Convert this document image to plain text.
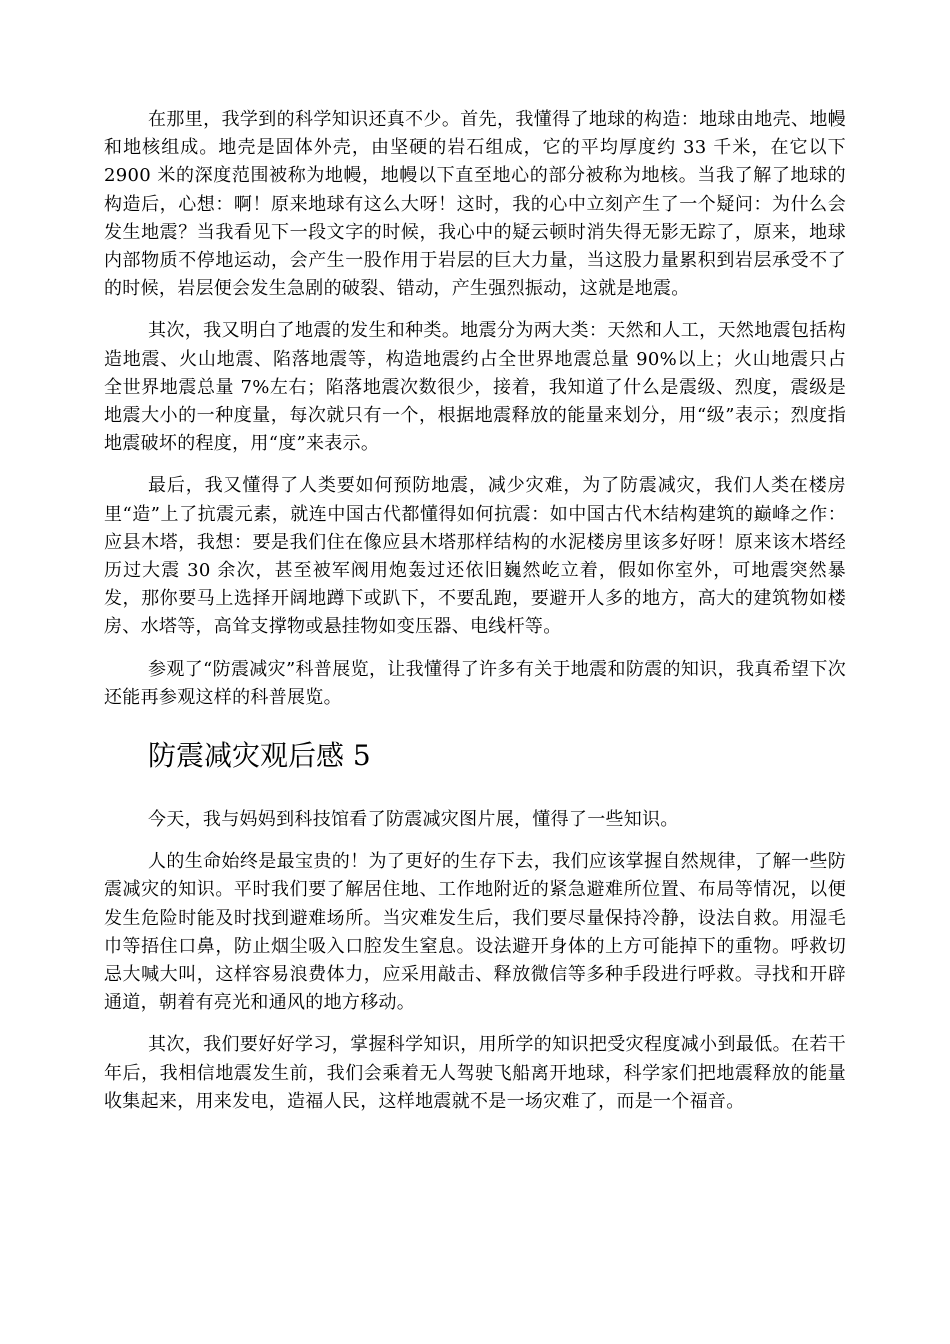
在那里，我学到的科学知识还真不少。首先，我懂得了地球的构造：地球由地壳、地幔和地核组成。地壳是固体外壳，由坚硬的岩石组成，它的平均厚度约 33 千米，在它以下 2900 米的深度范围被称为地幔，地幔以下直至地心的部分被称为地核。当我了解了地球的构造后，心想：啊！原来地球有这么大呀！这时，我的心中立刻产生了一个疑问：为什么会发生地震？当我看见下一段文字的时候，我心中的疑云顿时消失得无影无踪了，原来，地球内部物质不停地运动，会产生一股作用于岩层的巨大力量，当这股力量累积到岩层承受不了的时候，岩层便会发生急剧的破裂、错动，产生强烈振动，这就是地震。

其次，我又明白了地震的发生和种类。地震分为两大类：天然和人工，天然地震包括构造地震、火山地震、陷落地震等，构造地震约占全世界地震总量 90%以上；火山地震只占全世界地震总量 7%左右；陷落地震次数很少，接着，我知道了什么是震级、烈度，震级是地震大小的一种度量，每次就只有一个，根据地震释放的能量来划分，用“级”表示；烈度指地震破坏的程度，用“度”来表示。

最后，我又懂得了人类要如何预防地震，减少灾难，为了防震减灾，我们人类在楼房里“造”上了抗震元素，就连中国古代都懂得如何抗震：如中国古代木结构建筑的巅峰之作：应县木塔，我想：要是我们住在像应县木塔那样结构的水泥楼房里该多好呀！原来该木塔经历过大震 30 余次，甚至被军阀用炮轰过还依旧巍然屹立着，假如你室外，可地震突然暴发，那你要马上选择开阔地蹲下或趴下，不要乱跑，要避开人多的地方，高大的建筑物如楼房、水塔等，高耸支撑物或悬挂物如变压器、电线杆等。

参观了“防震减灾”科普展览，让我懂得了许多有关于地震和防震的知识，我真希望下次还能再参观这样的科普展览。

防震减灾观后感 5

今天，我与妈妈到科技馆看了防震减灾图片展，懂得了一些知识。

人的生命始终是最宝贵的！为了更好的生存下去，我们应该掌握自然规律，了解一些防震减灾的知识。平时我们要了解居住地、工作地附近的紧急避难所位置、布局等情况，以便发生危险时能及时找到避难场所。当灾难发生后，我们要尽量保持冷静，设法自救。用湿毛巾等捂住口鼻，防止烟尘吸入口腔发生窒息。设法避开身体的上方可能掉下的重物。呼救切忌大喊大叫，这样容易浪费体力，应采用敲击、释放微信等多种手段进行呼救。寻找和开辟通道，朝着有亮光和通风的地方移动。

其次，我们要好好学习，掌握科学知识，用所学的知识把受灾程度减小到最低。在若干年后，我相信地震发生前，我们会乘着无人驾驶飞船离开地球，科学家们把地震释放的能量收集起来，用来发电，造福人民，这样地震就不是一场灾难了，而是一个福音。
